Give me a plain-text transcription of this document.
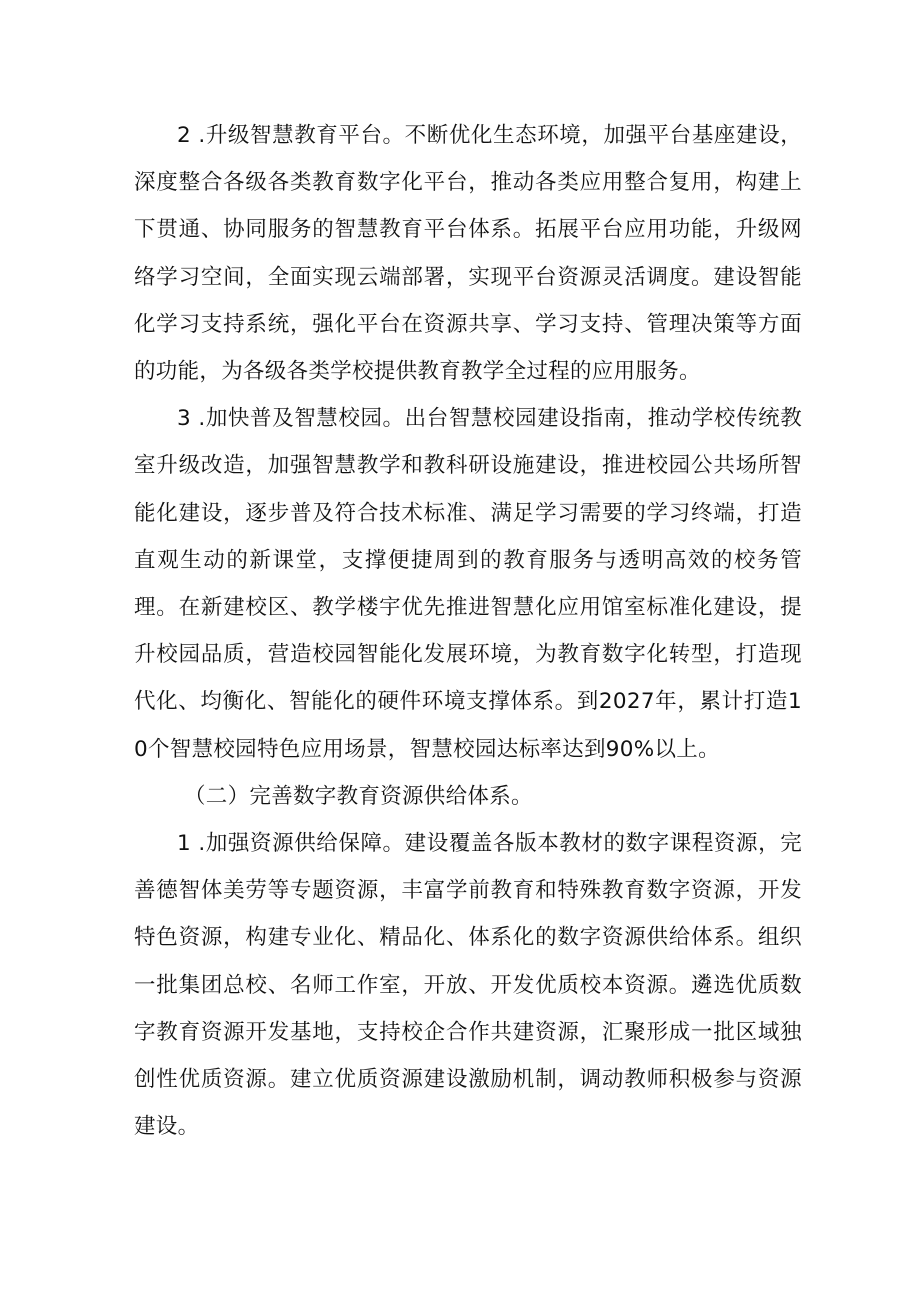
2 .升级智慧教育平台。不断优化生态环境，加强平台基座建设，深度整合各级各类教育数字化平台，推动各类应用整合复用，构建上下贯通、协同服务的智慧教育平台体系。拓展平台应用功能，升级网络学习空间，全面实现云端部署，实现平台资源灵活调度。建设智能化学习支持系统，强化平台在资源共享、学习支持、管理决策等方面的功能，为各级各类学校提供教育教学全过程的应用服务。

3 .加快普及智慧校园。出台智慧校园建设指南，推动学校传统教室升级改造，加强智慧教学和教科研设施建设，推进校园公共场所智能化建设，逐步普及符合技术标准、满足学习需要的学习终端，打造直观生动的新课堂，支撑便捷周到的教育服务与透明高效的校务管理。在新建校区、教学楼宇优先推进智慧化应用馆室标准化建设，提升校园品质，营造校园智能化发展环境，为教育数字化转型，打造现代化、均衡化、智能化的硬件环境支撑体系。到2027年，累计打造10个智慧校园特色应用场景，智慧校园达标率达到90%以上。

（二）完善数字教育资源供给体系。

1 .加强资源供给保障。建设覆盖各版本教材的数字课程资源，完善德智体美劳等专题资源，丰富学前教育和特殊教育数字资源，开发特色资源，构建专业化、精品化、体系化的数字资源供给体系。组织一批集团总校、名师工作室，开放、开发优质校本资源。遴选优质数字教育资源开发基地，支持校企合作共建资源，汇聚形成一批区域独创性优质资源。建立优质资源建设激励机制，调动教师积极参与资源建设。
